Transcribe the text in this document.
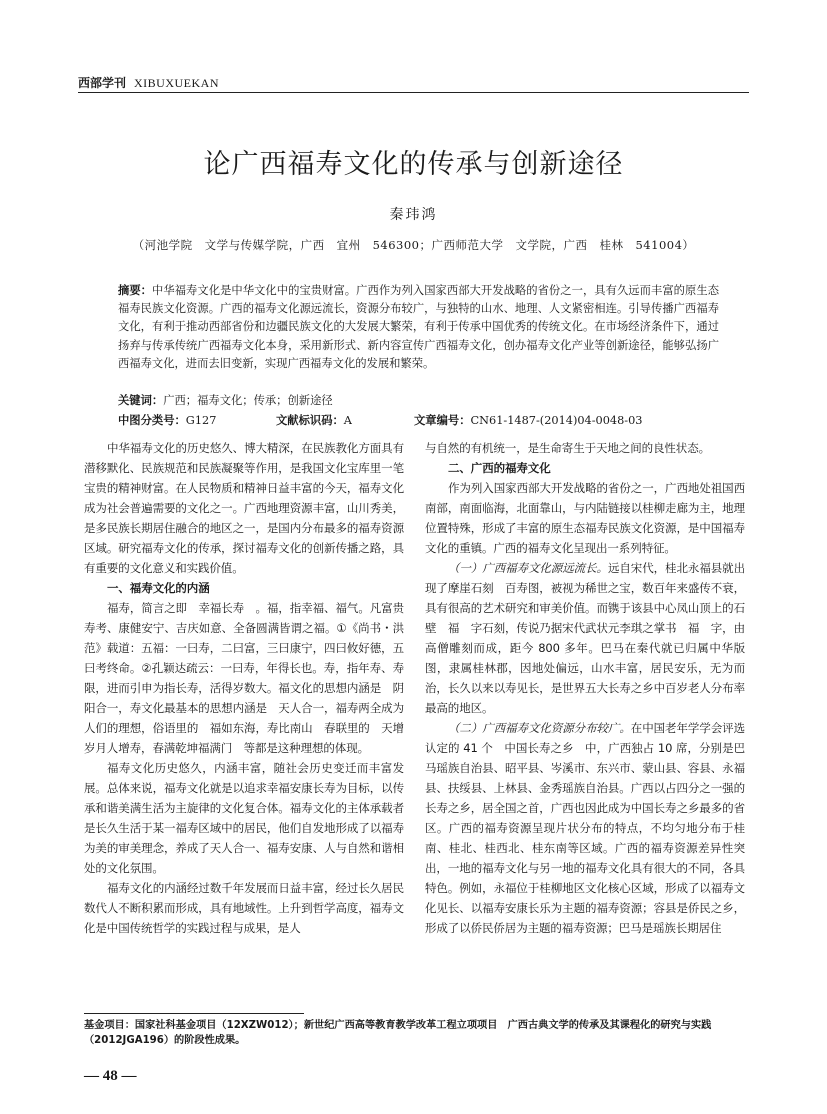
西部学刊 XIBUXUEKAN
论广西福寿文化的传承与创新途径
秦玮鸿
（河池学院　文学与传媒学院，广西　宜州　546300；广西师范大学　文学院，广西　桂林　541004）
摘要：中华福寿文化是中华文化中的宝贵财富。广西作为列入国家西部大开发战略的省份之一，具有久远而丰富的原生态福寿民族文化资源。广西的福寿文化源远流长，资源分布较广，与独特的山水、地理、人文紧密相连。引导传播广西福寿文化，有利于推动西部省份和边疆民族文化的大发展大繁荣，有利于传承中国优秀的传统文化。在市场经济条件下，通过扬弃与传承传统广西福寿文化本身，采用新形式、新内容宣传广西福寿文化，创办福寿文化产业等创新途径，能够弘扬广西福寿文化，进而去旧变新，实现广西福寿文化的发展和繁荣。
关键词：广西；福寿文化；传承；创新途径
中图分类号：G127	文献标识码：A	文章编号：CN61-1487-(2014)04-0048-03

中华福寿文化的历史悠久、博大精深，在民族教化方面具有潜移默化、民族规范和民族凝聚等作用，是我国文化宝库里一笔宝贵的精神财富。在人民物质和精神日益丰富的今天，福寿文化成为社会普遍需要的文化之一。广西地理资源丰富，山川秀美，是多民族长期居住融合的地区之一，是国内分布最多的福寿资源区域。研究福寿文化的传承，探讨福寿文化的创新传播之路，具有重要的文化意义和实践价值。

一、福寿文化的内涵

福寿，简言之即　幸福长寿　。福，指幸福、福气。凡富贵寿考、康健安宁、吉庆如意、全备圆满皆谓之福。①《尚书・洪范》载道：五福：一曰寿，二曰富，三曰康宁，四曰攸好德，五曰考终命。②孔颖达疏云：一曰寿，年得长也。寿，指年寿、寿限，进而引申为指长寿，活得岁数大。福文化的思想内涵是　阴阳合一，寿文化最基本的思想内涵是　天人合一，福寿两全成为人们的理想，俗语里的　福如东海，寿比南山　春联里的　天增岁月人增寿，春满乾坤福满门　等都是这种理想的体现。

福寿文化历史悠久，内涵丰富，随社会历史变迁而丰富发展。总体来说，福寿文化就是以追求幸福安康长寿为目标，以传承和谐美满生活为主旋律的文化复合体。福寿文化的主体承载者是长久生活于某一福寿区域中的居民，他们自发地形成了以福寿为美的审美理念，养成了天人合一、福寿安康、人与自然和谐相处的文化氛围。

福寿文化的内涵经过数千年发展而日益丰富，经过长久居民数代人不断积累而形成，具有地域性。上升到哲学高度，福寿文化是中国传统哲学的实践过程与成果，是人

与自然的有机统一，是生命寄生于天地之间的良性状态。

二、广西的福寿文化

作为列入国家西部大开发战略的省份之一，广西地处祖国西南部，南面临海，北面靠山，与内陆链接以桂柳走廊为主，地理位置特殊，形成了丰富的原生态福寿民族文化资源，是中国福寿文化的重镇。广西的福寿文化呈现出一系列特征。

（一）广西福寿文化源远流长。远自宋代，桂北永福县就出现了摩崖石刻　百寿图，被视为稀世之宝，数百年来盛传不衰，具有很高的艺术研究和审美价值。而镌于该县中心凤山顶上的石壁　福　字石刻，传说乃据宋代武状元李琪之掌书　福　字，由高僧雕刻而成，距今 800 多年。巴马在秦代就已归属中华版图，隶属桂林郡，因地处偏远，山水丰富，居民安乐，无为而治，长久以来以寿见长，是世界五大长寿之乡中百岁老人分布率最高的地区。

（二）广西福寿文化资源分布较广。在中国老年学学会评选认定的 41 个　中国长寿之乡　中，广西独占 10 席，分别是巴马瑶族自治县、昭平县、岑溪市、东兴市、蒙山县、容县、永福县、扶绥县、上林县、金秀瑶族自治县。广西以占四分之一强的　长寿之乡，居全国之首，广西也因此成为中国长寿之乡最多的省区。广西的福寿资源呈现片状分布的特点，不均匀地分布于桂南、桂北、桂西北、桂东南等区域。广西的福寿资源差异性突出，一地的福寿文化与另一地的福寿文化具有很大的不同，各具特色。例如，永福位于桂柳地区文化核心区域，形成了以福寿文化见长、以福寿安康长乐为主题的福寿资源；容县是侨民之乡，形成了以侨民侨居为主题的福寿资源；巴马是瑶族长期居住

基金项目：国家社科基金项目（12XZW012）；新世纪广西高等教育教学改革工程立项项目　广西古典文学的传承及其课程化的研究与实践　（2012JGA196）的阶段性成果。
— 48 —
